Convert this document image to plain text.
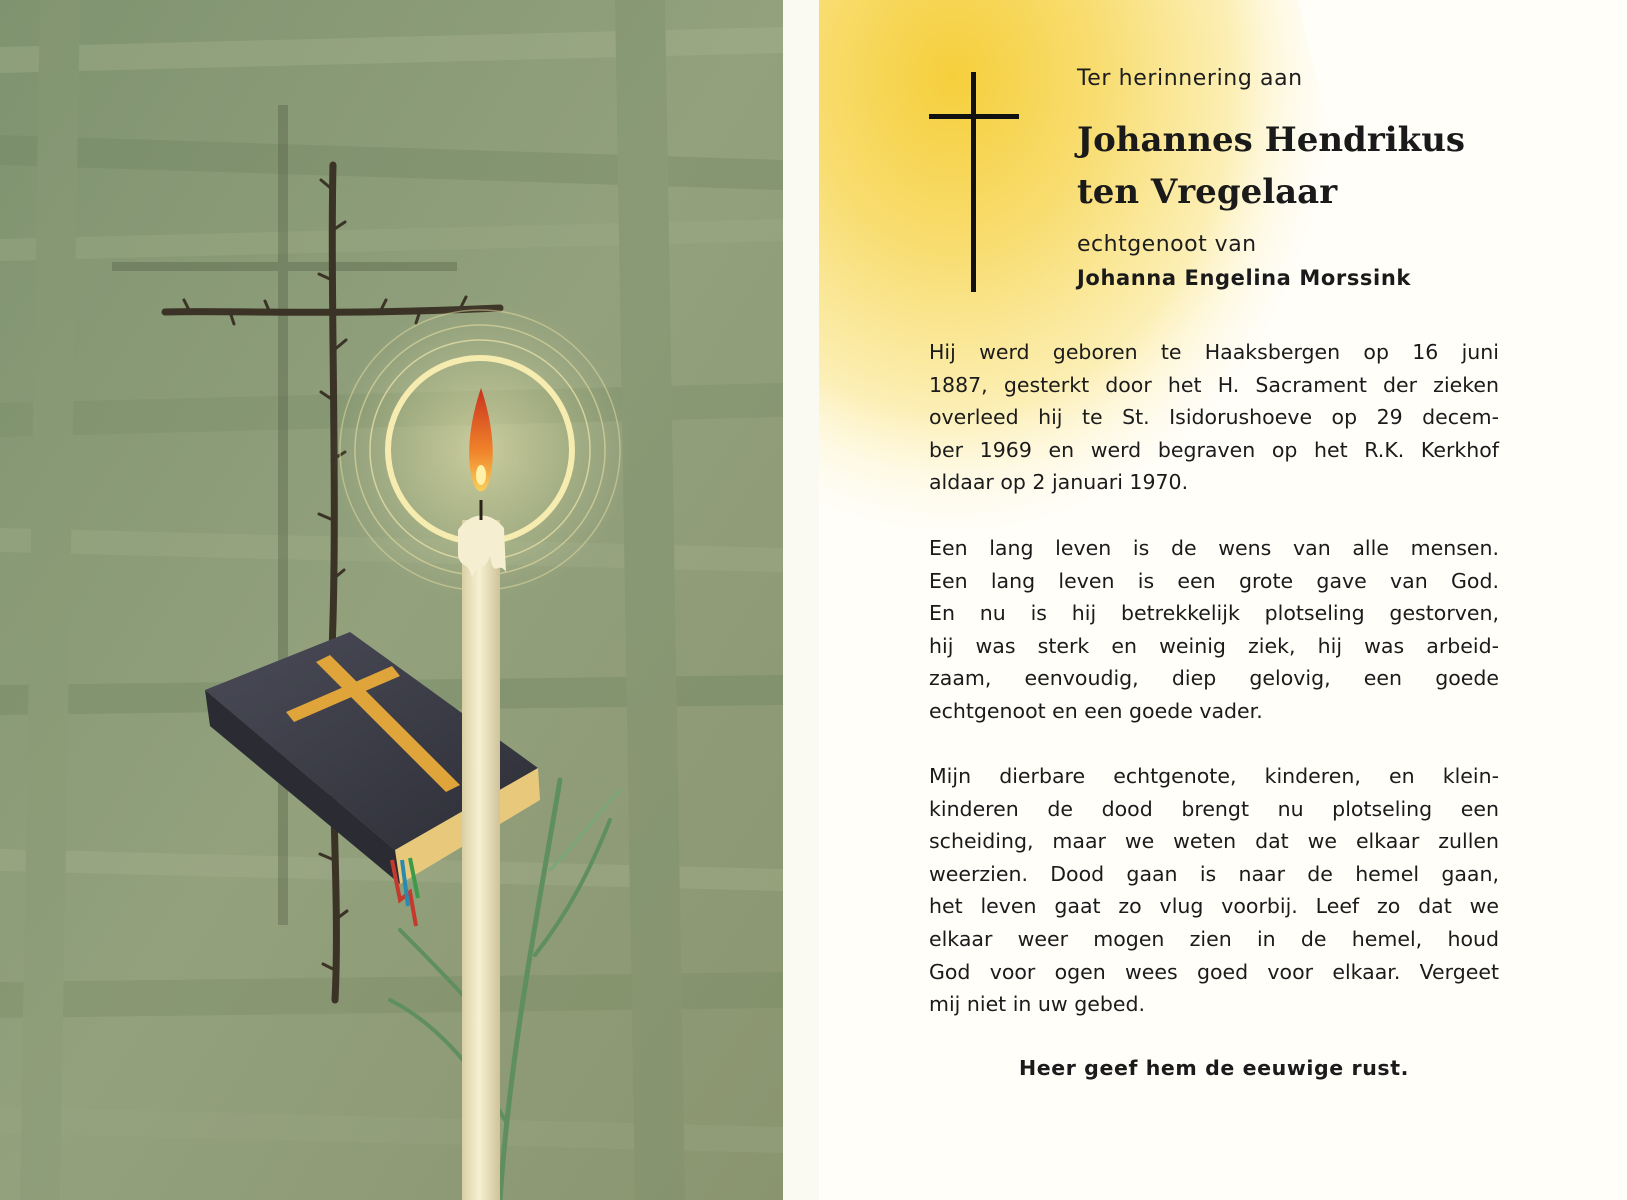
Ter herinnering aan
Johannes Hendrikus
ten Vregelaar
echtgenoot van
Johanna Engelina Morssink
Hij werd geboren te Haaksbergen op 16 juni
1887, gesterkt door het H. Sacrament der zieken
overleed hij te St. Isidorushoeve op 29 decem-
ber 1969 en werd begraven op het R.K. Kerkhof
aldaar op 2 januari 1970.
Een lang leven is de wens van alle mensen.
Een lang leven is een grote gave van God.
En nu is hij betrekkelijk plotseling gestorven,
hij was sterk en weinig ziek, hij was arbeid-
zaam, eenvoudig, diep gelovig, een goede
echtgenoot en een goede vader.
Mijn dierbare echtgenote, kinderen, en klein-
kinderen de dood brengt nu plotseling een
scheiding, maar we weten dat we elkaar zullen
weerzien. Dood gaan is naar de hemel gaan,
het leven gaat zo vlug voorbij. Leef zo dat we
elkaar weer mogen zien in de hemel, houd
God voor ogen wees goed voor elkaar. Vergeet
mij niet in uw gebed.
Heer geef hem de eeuwige rust.
